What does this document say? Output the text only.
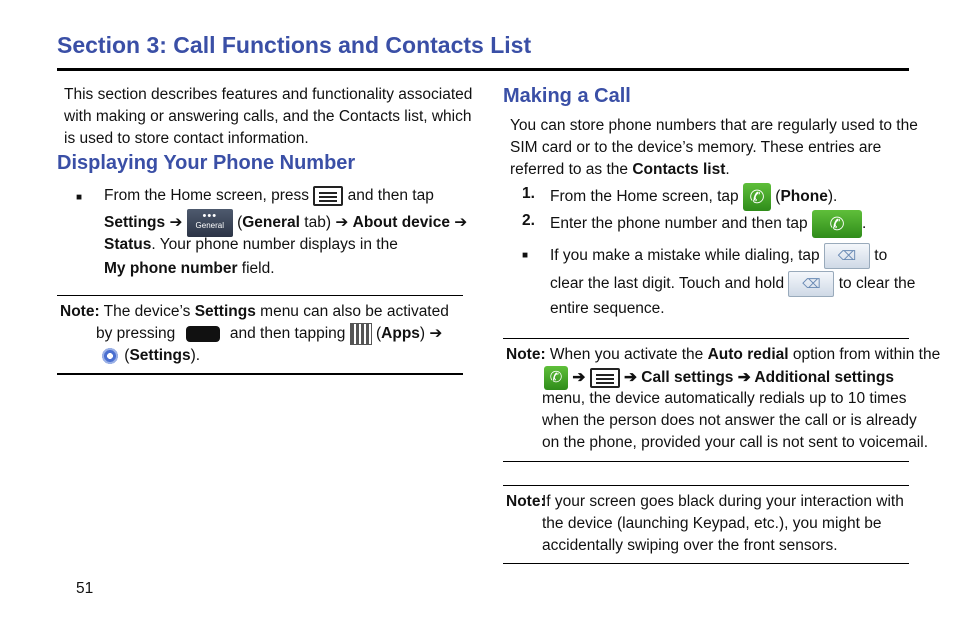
Section 3: Call Functions and Contacts List
This section describes features and functionality associated
with making or answering calls, and the Contacts list, which
is used to store contact information.
Displaying Your Phone Number
■ From the Home screen, press and then tap
Settings ➔	•••
General (General tab) ➔ About device ➔
Status. Your phone number displays in the
My phone number field.
Note: The device’s Settings menu can also be activated
by pressing	and then tapping  (Apps) ➔
(Settings).
51
Making a Call
You can store phone numbers that are regularly used to the
SIM card or to the device’s memory. These entries are
referred to as the Contacts list.
1. From the Home screen, tap ✆ (Phone).
2. Enter the phone number and then tap ✆ .
■ If you make a mistake while dialing, tap ⌫ to
clear the last digit. Touch and hold ⌫ to clear the
entire sequence.
Note: When you activate the Auto redial option from within the
✆ ➔ ➔ Call settings ➔ Additional settings
menu, the device automatically redials up to 10 times
when the person does not answer the call or is already
on the phone, provided your call is not sent to voicemail.
Note:
If your screen goes black during your interaction with
the device (launching Keypad, etc.), you might be
accidentally swiping over the front sensors.
